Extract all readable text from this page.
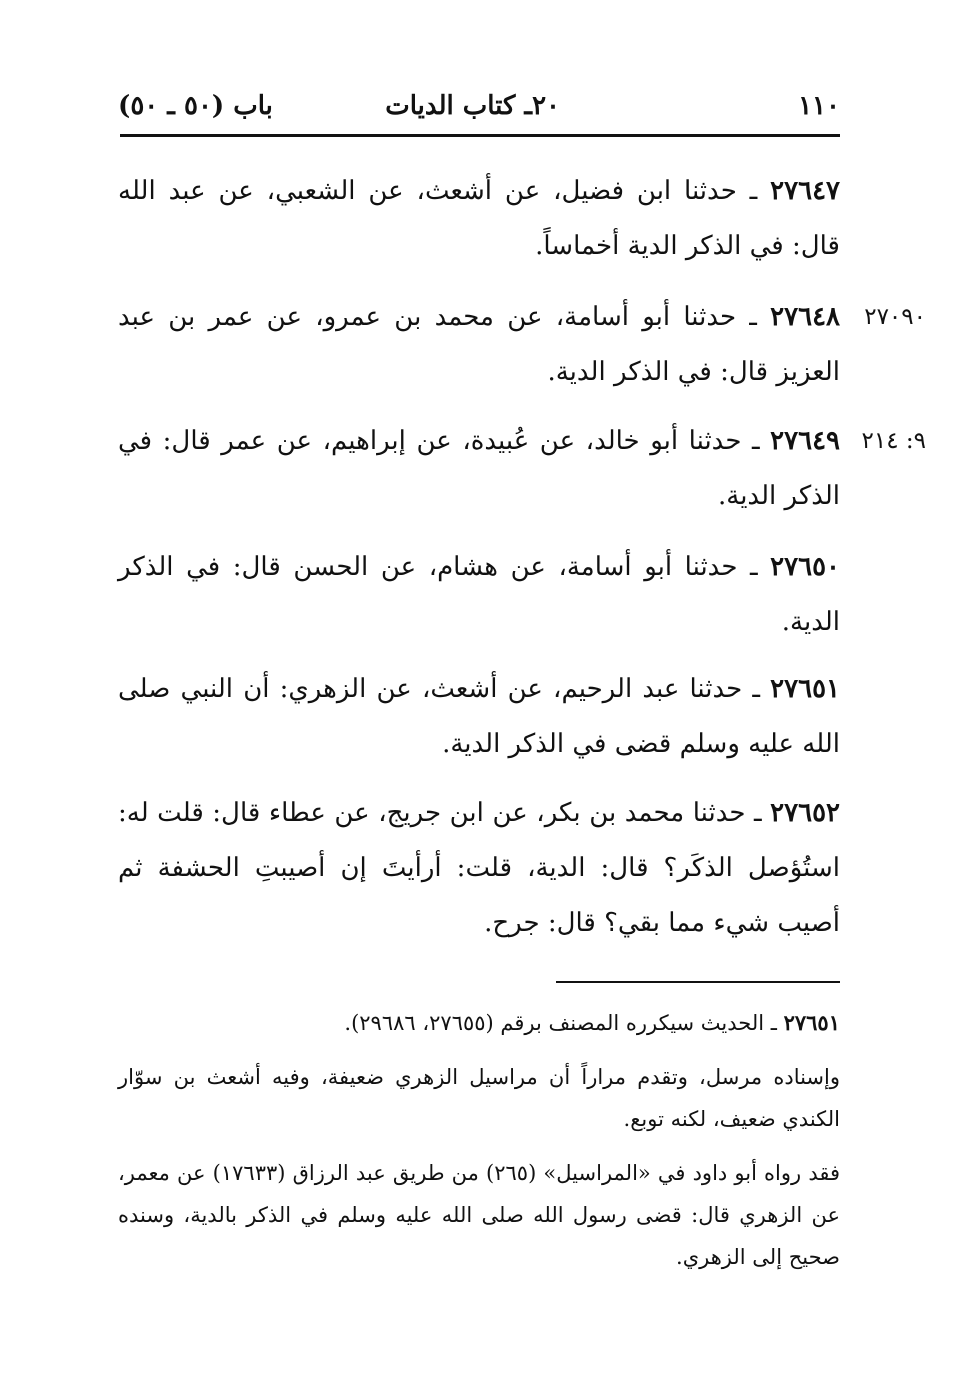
١١٠
٢٠ـ كتاب الديات
باب (٥٠ ـ ٥٠)
٢٧٦٤٧ ـ حدثنا ابن فضيل، عن أشعث، عن الشعبي، عن عبد الله قال: في الذكر الدية أخماساً.
٢٧٦٤٨ ـ حدثنا أبو أسامة، عن محمد بن عمرو، عن عمر بن عبد العزيز قال: في الذكر الدية.
٢٧٠٩٠
٢٧٦٤٩ ـ حدثنا أبو خالد، عن عُبيدة، عن إبراهيم، عن عمر قال: في الذكر الدية.
٩: ٢١٤
٢٧٦٥٠ ـ حدثنا أبو أسامة، عن هشام، عن الحسن قال: في الذكر الدية.
٢٧٦٥١ ـ حدثنا عبد الرحيم، عن أشعث، عن الزهري: أن النبي صلى الله عليه وسلم قضى في الذكر الدية.
٢٧٦٥٢ ـ حدثنا محمد بن بكر، عن ابن جريج، عن عطاء قال: قلت له: استُؤصل الذكَر؟ قال: الدية، قلت: أرأيتَ إن أصيبتِ الحشفة ثم أصيب شيء مما بقي؟ قال: جرح.
٢٧٦٥١ ـ الحديث سيكرره المصنف برقم (٢٧٦٥٥، ٢٩٦٨٦).
وإسناده مرسل، وتقدم مراراً أن مراسيل الزهري ضعيفة، وفيه أشعث بن سوّار الكندي ضعيف، لكنه توبع.
فقد رواه أبو داود في «المراسيل» (٢٦٥) من طريق عبد الرزاق (١٧٦٣٣) عن معمر، عن الزهري قال: قضى رسول الله صلى الله عليه وسلم في الذكر بالدية، وسنده صحيح إلى الزهري.
